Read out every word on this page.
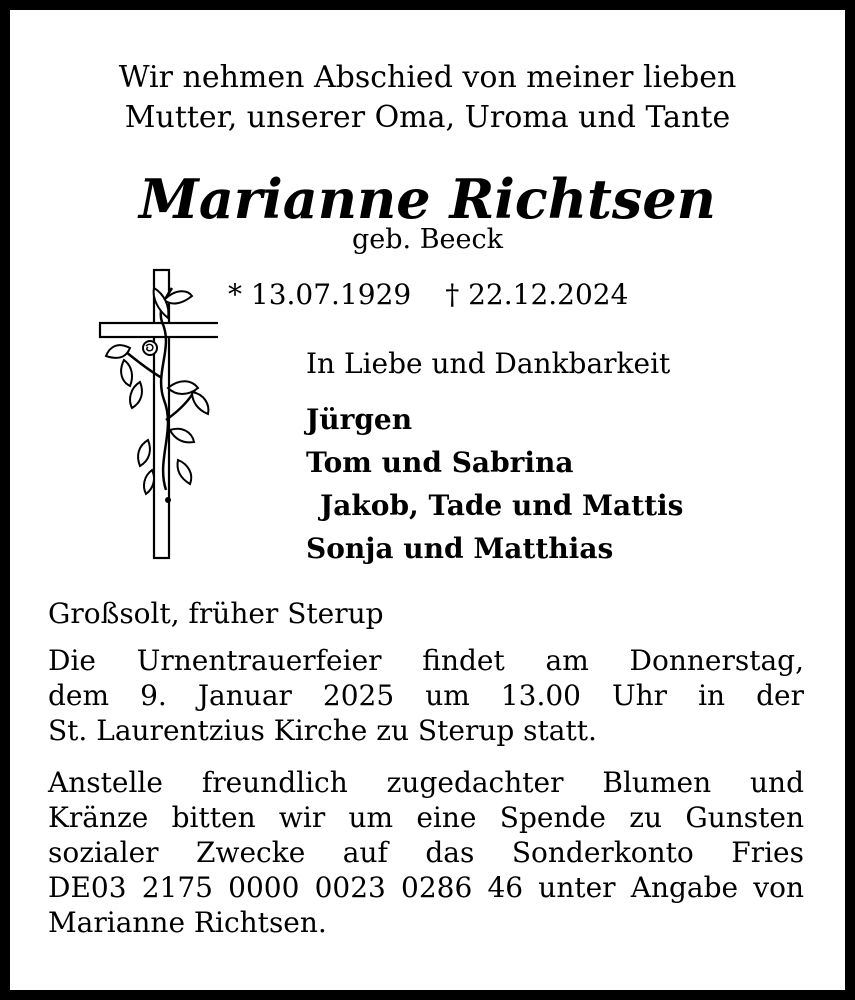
Wir nehmen Abschied von meiner lieben
Mutter, unserer Oma, Uroma und Tante
Marianne Richtsen
geb. Beeck
* 13.07.1929 † 22.12.2024
In Liebe und Dankbarkeit
Jürgen
Tom und Sabrina
Jakob, Tade und Mattis
Sonja und Matthias
Großsolt, früher Sterup
Die Urnentrauerfeier findet am Donnerstag,
dem 9. Januar 2025 um 13.00 Uhr in der
St. Laurentzius Kirche zu Sterup statt.
Anstelle freundlich zugedachter Blumen und
Kränze bitten wir um eine Spende zu Gunsten
sozialer Zwecke auf das Sonderkonto Fries
DE03 2175 0000 0023 0286 46 unter Angabe von
Marianne Richtsen.
